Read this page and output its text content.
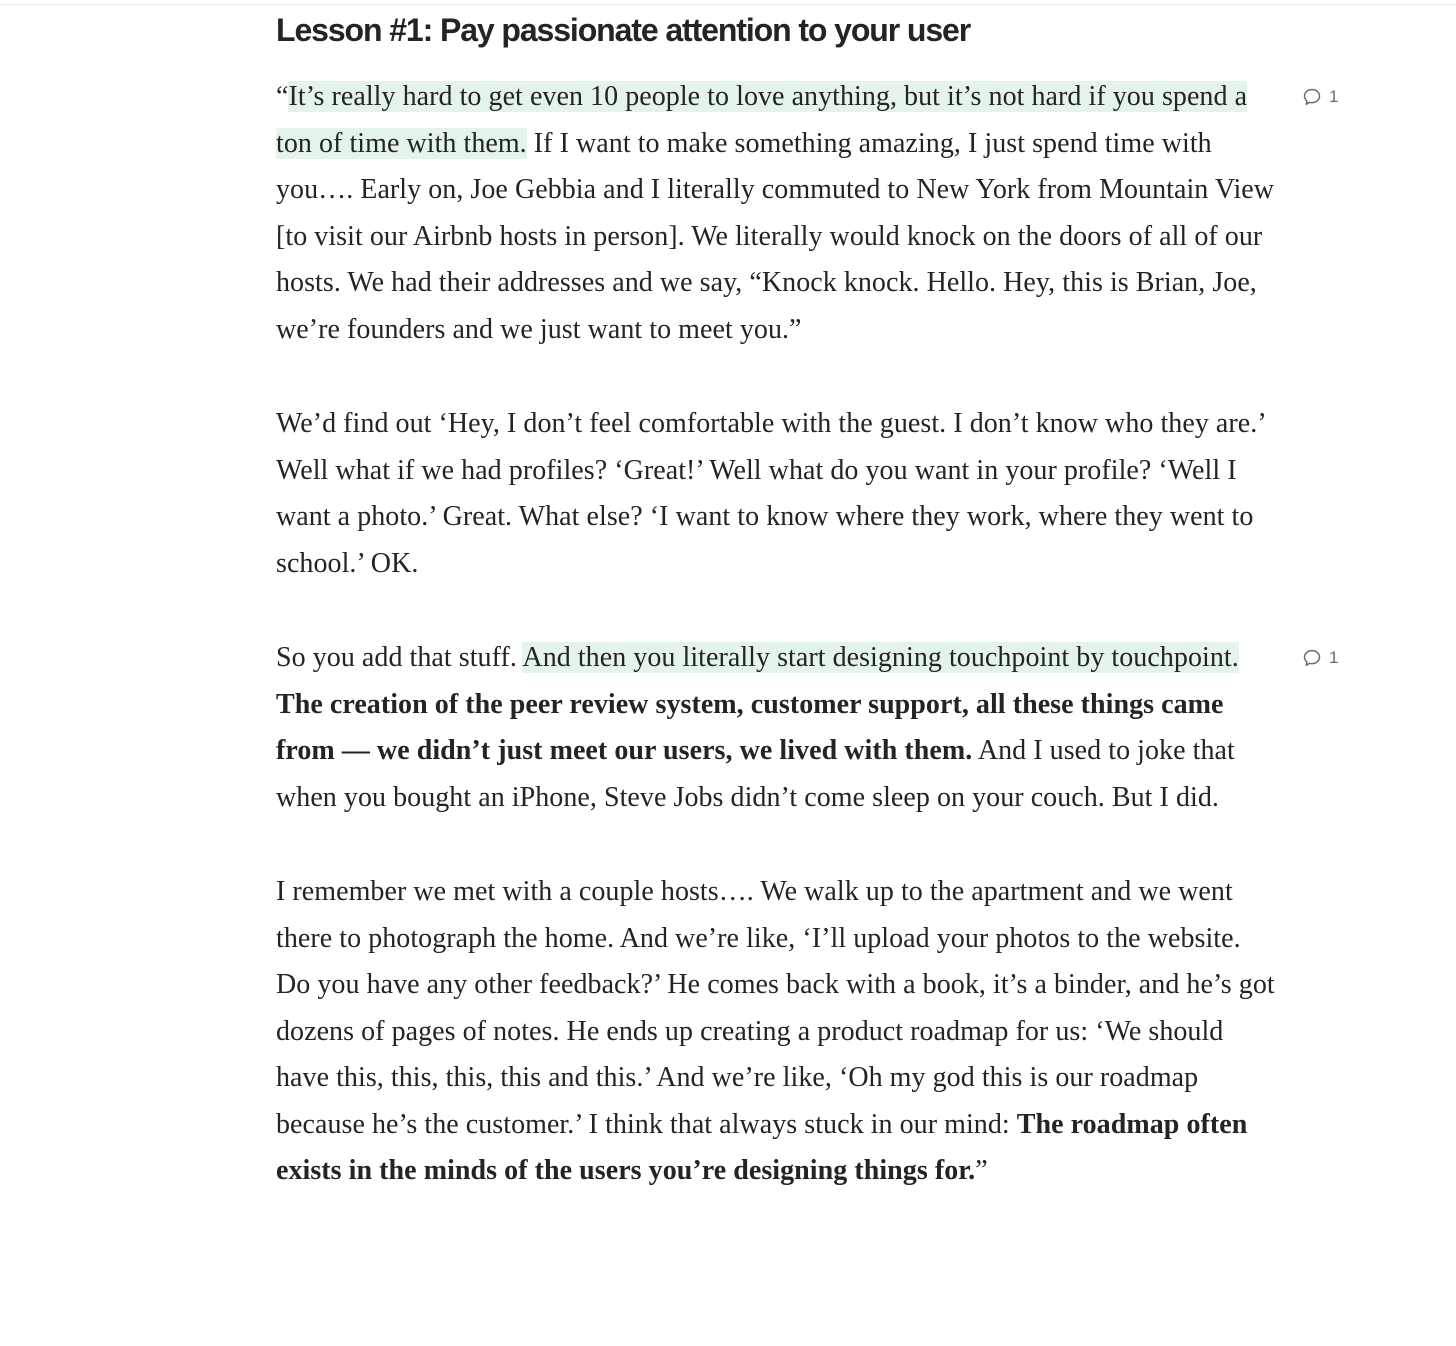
Lesson #1: Pay passionate attention to your user

“It’s really hard to get even 10 people to love anything, but it’s not hard if you spend a ton of time with them. If I want to make something amazing, I just spend time with you…. Early on, Joe Gebbia and I literally commuted to New York from Mountain View [to visit our Airbnb hosts in person]. We literally would knock on the doors of all of our hosts. We had their addresses and we say, “Knock knock. Hello. Hey, this is Brian, Joe, we’re founders and we just want to meet you.”
1

We’d find out ‘Hey, I don’t feel comfortable with the guest. I don’t know who they are.’ Well what if we had profiles? ‘Great!’ Well what do you want in your profile? ‘Well I want a photo.’ Great. What else? ‘I want to know where they work, where they went to school.’ OK.

So you add that stuff. And then you literally start designing touchpoint by touchpoint. The creation of the peer review system, customer support, all these things came from — we didn’t just meet our users, we lived with them. And I used to joke that when you bought an iPhone, Steve Jobs didn’t come sleep on your couch. But I did.
1

I remember we met with a couple hosts…. We walk up to the apartment and we went there to photograph the home. And we’re like, ‘I’ll upload your photos to the website. Do you have any other feedback?’ He comes back with a book, it’s a binder, and he’s got dozens of pages of notes. He ends up creating a product roadmap for us: ‘We should have this, this, this, this and this.’ And we’re like, ‘Oh my god this is our roadmap because he’s the customer.’ I think that always stuck in our mind: The roadmap often exists in the minds of the users you’re designing things for.”
